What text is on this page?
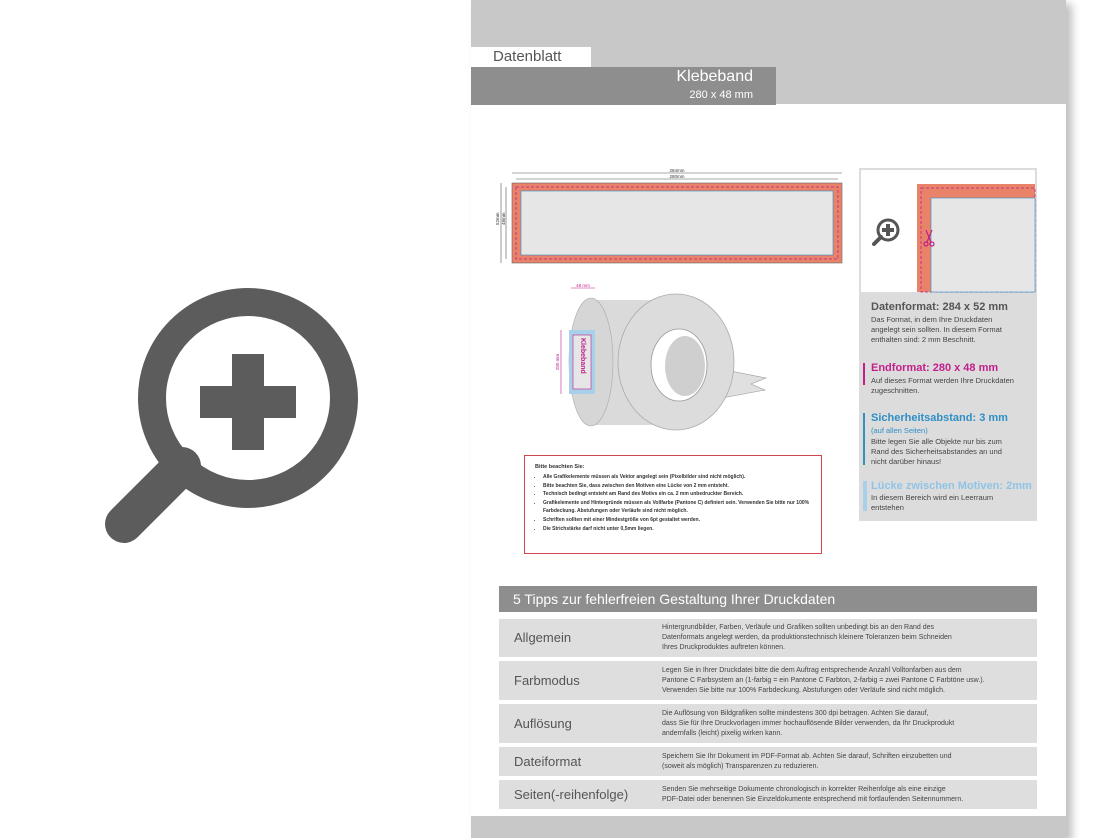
Datenblatt
Klebeband
280 x 48 mm
284mm
280mm
52mm 48mm
Klebeband
48 mm
280 mm
Datenformat: 284 x 52 mm
Das Format, in dem Ihre Druckdaten
angelegt sein sollten. In diesem Format
enthalten sind: 2 mm Beschnitt.
Endformat: 280 x 48 mm
Auf dieses Format werden Ihre Druckdaten
zugeschnitten.
Sicherheitsabstand: 3 mm
(auf allen Seiten)
Bitte legen Sie alle Objekte nur bis zum
Rand des Sicherheitsabstandes an und
nicht darüber hinaus!
Lücke zwischen Motiven: 2mm
In diesem Bereich wird ein Leerraum
entstehen
Bitte beachten Sie:
• Alle Grafikelemente müssen als Vektor angelegt sein (Pixelbilder sind nicht möglich).
• Bitte beachten Sie, dass zwischen den Motiven eine Lücke von 2 mm entsteht.
• Technisch bedingt entsteht am Rand des Motivs ein ca. 2 mm unbedruckter Bereich.
• Grafikelemente und Hintergründe müssen als Vollfarbe (Pantone C) definiert sein. Verwenden Sie bitte nur 100% Farbdeckung. Abstufungen oder Verläufe sind nicht möglich.
• Schriften sollten mit einer Mindestgröße von 6pt gestaltet werden.
• Die Strichstärke darf nicht unter 0,5mm liegen.
5 Tipps zur fehlerfreien Gestaltung Ihrer Druckdaten
Allgemein
Hintergrundbilder, Farben, Verläufe und Grafiken sollten unbedingt bis an den Rand des
Datenformats angelegt werden, da produktionstechnisch kleinere Toleranzen beim Schneiden
Ihres Druckproduktes auftreten können.
Farbmodus
Legen Sie in Ihrer Druckdatei bitte die dem Auftrag entsprechende Anzahl Volltonfarben aus dem
Pantone C Farbsystem an (1-farbig = ein Pantone C Farbton, 2-farbig = zwei Pantone C Farbtöne usw.).
Verwenden Sie bitte nur 100% Farbdeckung. Abstufungen oder Verläufe sind nicht möglich.
Auflösung
Die Auflösung von Bildgrafiken sollte mindestens 300 dpi betragen. Achten Sie darauf,
dass Sie für Ihre Druckvorlagen immer hochauflösende Bilder verwenden, da Ihr Druckprodukt
andernfalls (leicht) pixelig wirken kann.
Dateiformat	Speichern Sie Ihr Dokument im PDF-Format ab. Achten Sie darauf, Schriften einzubetten und
(soweit als möglich) Transparenzen zu reduzieren.
Seiten(-reihenfolge)	Senden Sie mehrseitige Dokumente chronologisch in korrekter Reihenfolge als eine einzige
PDF-Datei oder benennen Sie Einzeldokumente entsprechend mit fortlaufenden Seitennummern.
